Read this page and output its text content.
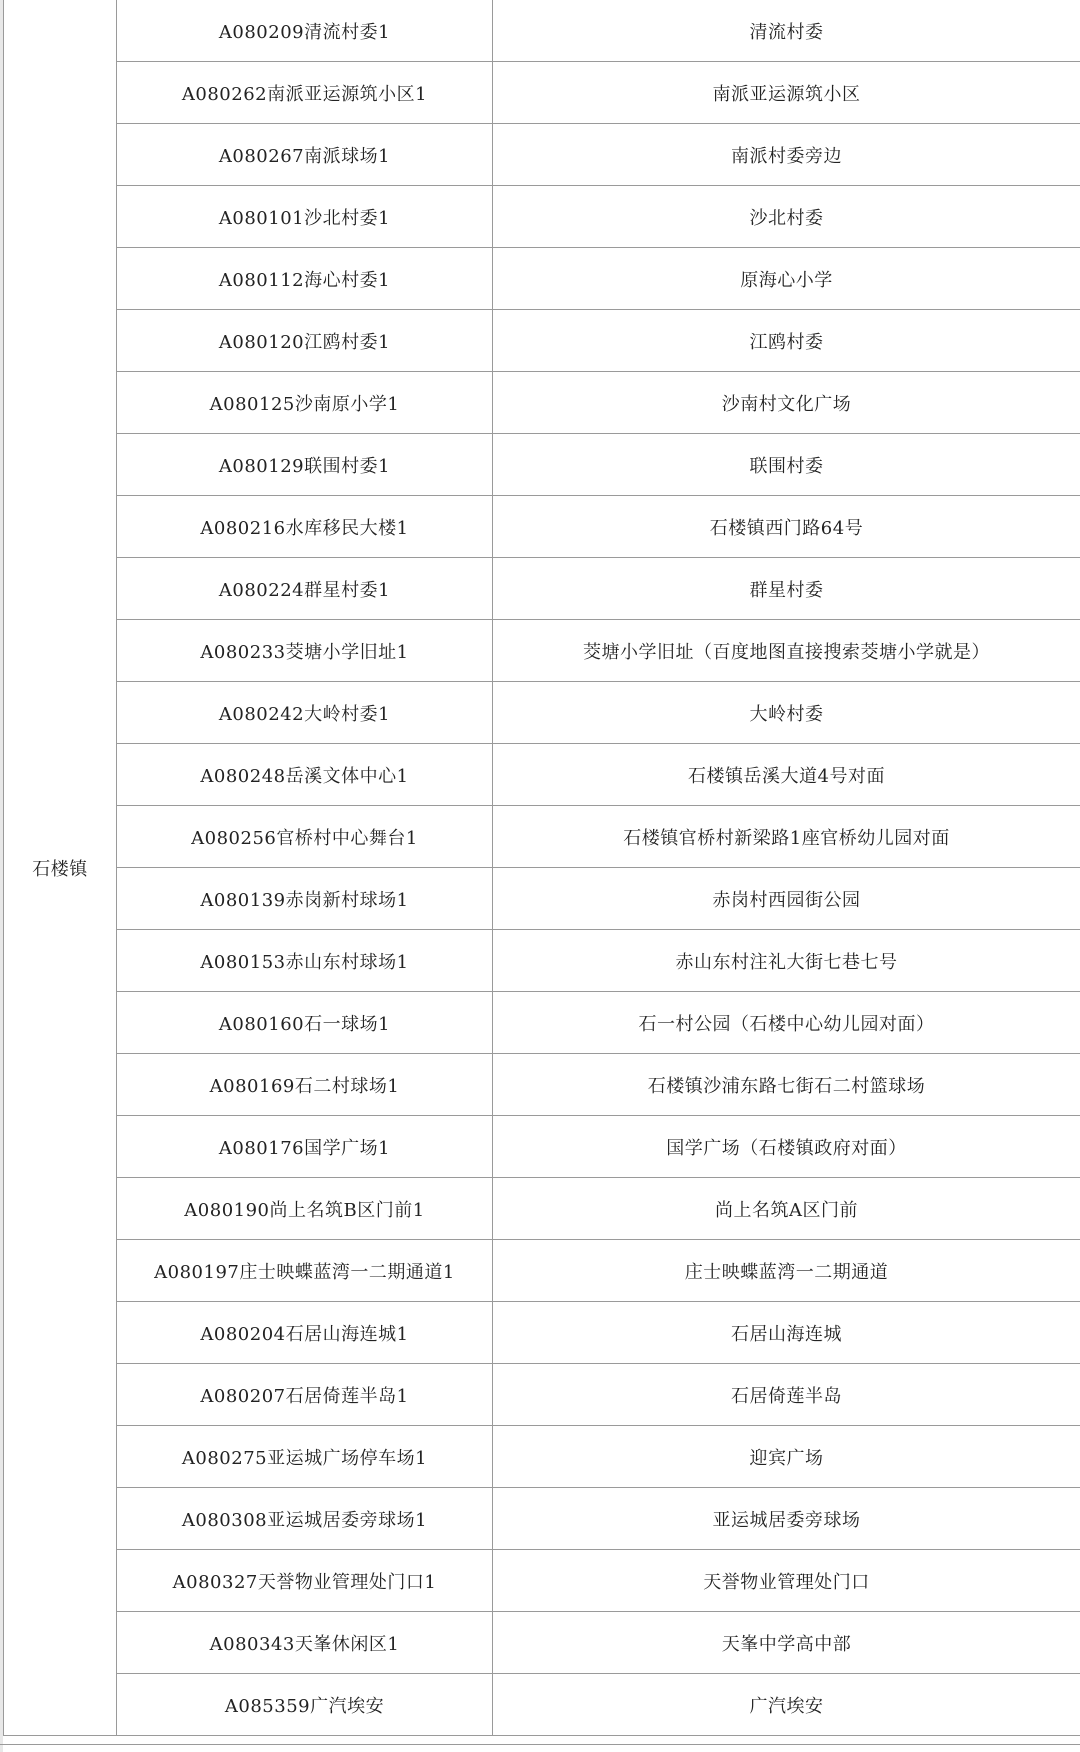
石楼镇	A080209清流村委1	清流村委
	A080262南派亚运源筑小区1	南派亚运源筑小区
	A080267南派球场1	南派村委旁边
	A080101沙北村委1	沙北村委
	A080112海心村委1	原海心小学
	A080120江鸥村委1	江鸥村委
	A080125沙南原小学1	沙南村文化广场
	A080129联围村委1	联围村委
	A080216水库移民大楼1	石楼镇西门路64号
	A080224群星村委1	群星村委
	A080233茭塘小学旧址1	茭塘小学旧址（百度地图直接搜索茭塘小学就是）
	A080242大岭村委1	大岭村委
	A080248岳溪文体中心1	石楼镇岳溪大道4号对面
	A080256官桥村中心舞台1	石楼镇官桥村新梁路1座官桥幼儿园对面
	A080139赤岗新村球场1	赤岗村西园街公园
	A080153赤山东村球场1	赤山东村注礼大街七巷七号
	A080160石一球场1	石一村公园（石楼中心幼儿园对面）
	A080169石二村球场1	石楼镇沙浦东路七街石二村篮球场
	A080176国学广场1	国学广场（石楼镇政府对面）
	A080190尚上名筑B区门前1	尚上名筑A区门前
	A080197庄士映蝶蓝湾一二期通道1	庄士映蝶蓝湾一二期通道
	A080204石居山海连城1	石居山海连城
	A080207石居倚莲半岛1	石居倚莲半岛
	A080275亚运城广场停车场1	迎宾广场
	A080308亚运城居委旁球场1	亚运城居委旁球场
	A080327天誉物业管理处门口1	天誉物业管理处门口
	A080343天峯休闲区1	天峯中学高中部
	A085359广汽埃安	广汽埃安
